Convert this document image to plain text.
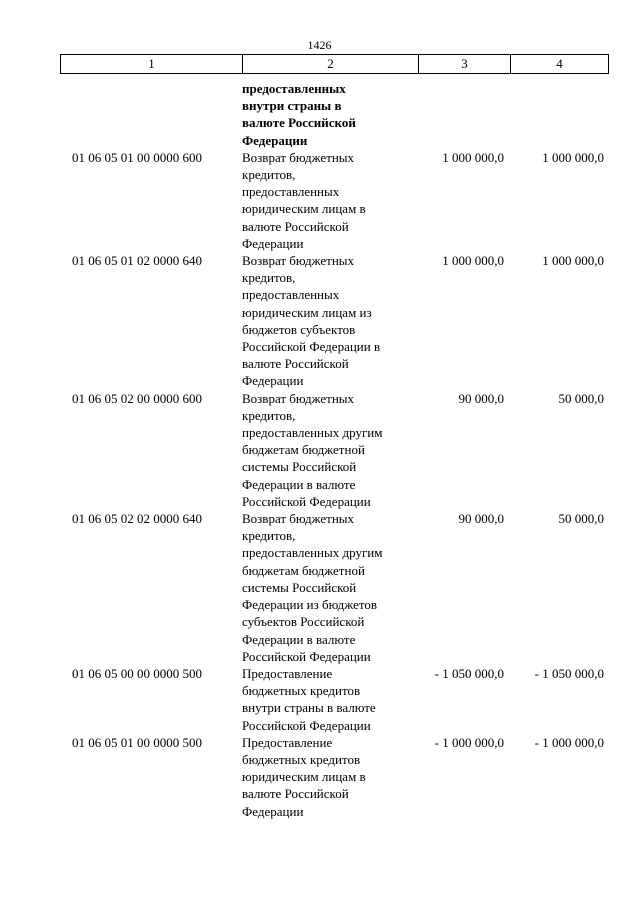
1426
1	2	3	4
предоставленных
внутри страны в
валюте Российской
Федерации
01 06 05 01 00 0000 600	Возврат бюджетных
кредитов,
предоставленных
юридическим лицам в
валюте Российской
Федерации
1 000 000,0	1 000 000,0
01 06 05 01 02 0000 640	Возврат бюджетных
кредитов,
предоставленных
юридическим лицам из
бюджетов субъектов
Российской Федерации в
валюте Российской
Федерации
1 000 000,0	1 000 000,0
01 06 05 02 00 0000 600	Возврат бюджетных
кредитов,
предоставленных другим
бюджетам бюджетной
системы Российской
Федерации в валюте
Российской Федерации
90 000,0	50 000,0
01 06 05 02 02 0000 640	Возврат бюджетных
кредитов,
предоставленных другим
бюджетам бюджетной
системы Российской
Федерации из бюджетов
субъектов Российской
Федерации в валюте
Российской Федерации
90 000,0	50 000,0
01 06 05 00 00 0000 500	Предоставление
бюджетных кредитов
внутри страны в валюте
Российской Федерации
- 1 050 000,0	- 1 050 000,0
01 06 05 01 00 0000 500	Предоставление
бюджетных кредитов
юридическим лицам в
валюте Российской
Федерации
- 1 000 000,0	- 1 000 000,0
